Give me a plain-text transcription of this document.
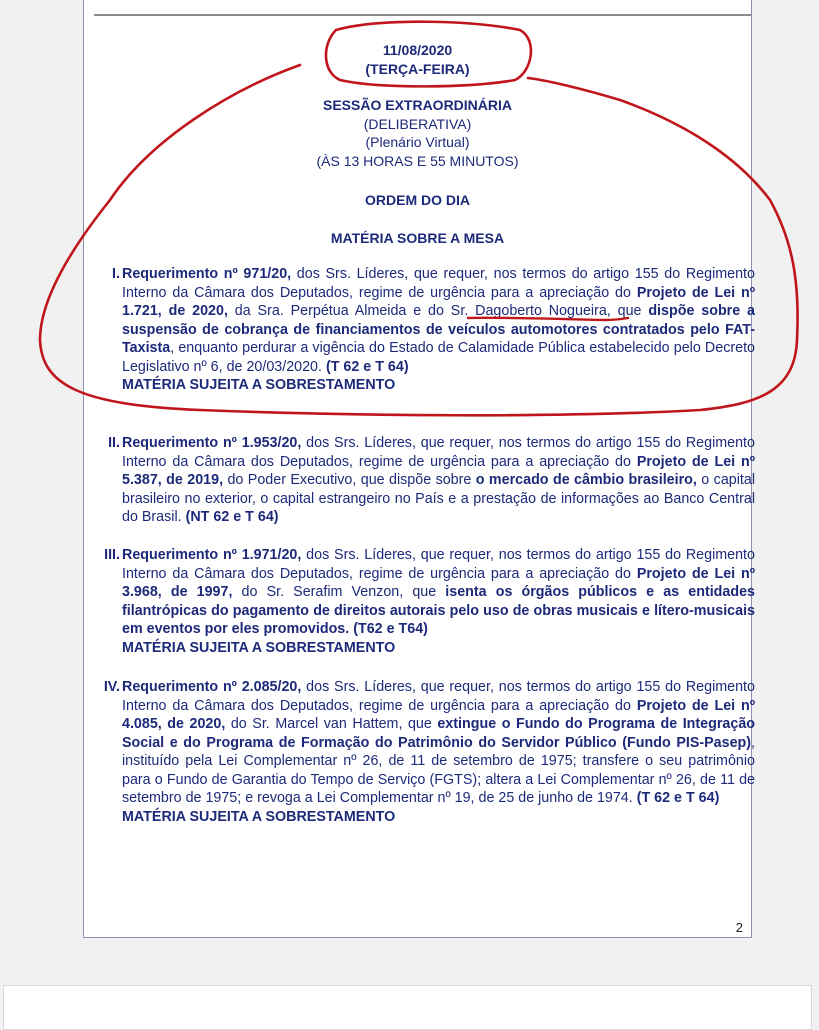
11/08/2020
(TERÇA-FEIRA)
SESSÃO EXTRAORDINÁRIA
(DELIBERATIVA)
(Plenário Virtual)
(ÀS 13 HORAS E 55 MINUTOS)
ORDEM DO DIA
MATÉRIA SOBRE A MESA
I. Requerimento nº 971/20, dos Srs. Líderes, que requer, nos termos do artigo 155 do Regimento Interno da Câmara dos Deputados, regime de urgência para a apreciação do Projeto de Lei nº 1.721, de 2020, da Sra. Perpétua Almeida e do Sr. Dagoberto Nogueira, que dispõe sobre a suspensão de cobrança de financiamentos de veículos automotores contratados pelo FAT-Taxista, enquanto perdurar a vigência do Estado de Calamidade Pública estabelecido pelo Decreto Legislativo nº 6, de 20/03/2020. (T 62 e T 64)
MATÉRIA SUJEITA A SOBRESTAMENTO
II. Requerimento nº 1.953/20, dos Srs. Líderes, que requer, nos termos do artigo 155 do Regimento Interno da Câmara dos Deputados, regime de urgência para a apreciação do Projeto de Lei nº 5.387, de 2019, do Poder Executivo, que dispõe sobre o mercado de câmbio brasileiro, o capital brasileiro no exterior, o capital estrangeiro no País e a prestação de informações ao Banco Central do Brasil. (NT 62 e T 64)
III. Requerimento nº 1.971/20, dos Srs. Líderes, que requer, nos termos do artigo 155 do Regimento Interno da Câmara dos Deputados, regime de urgência para a apreciação do Projeto de Lei nº 3.968, de 1997, do Sr. Serafim Venzon, que isenta os órgãos públicos e as entidades filantrópicas do pagamento de direitos autorais pelo uso de obras musicais e lítero-musicais em eventos por eles promovidos. (T62 e T64)
MATÉRIA SUJEITA A SOBRESTAMENTO
IV. Requerimento nº 2.085/20, dos Srs. Líderes, que requer, nos termos do artigo 155 do Regimento Interno da Câmara dos Deputados, regime de urgência para a apreciação do Projeto de Lei nº 4.085, de 2020, do Sr. Marcel van Hattem, que extingue o Fundo do Programa de Integração Social e do Programa de Formação do Patrimônio do Servidor Público (Fundo PIS-Pasep), instituído pela Lei Complementar nº 26, de 11 de setembro de 1975; transfere o seu patrimônio para o Fundo de Garantia do Tempo de Serviço (FGTS); altera a Lei Complementar nº 26, de 11 de setembro de 1975; e revoga a Lei Complementar nº 19, de 25 de junho de 1974. (T 62 e T 64)
MATÉRIA SUJEITA A SOBRESTAMENTO
2
